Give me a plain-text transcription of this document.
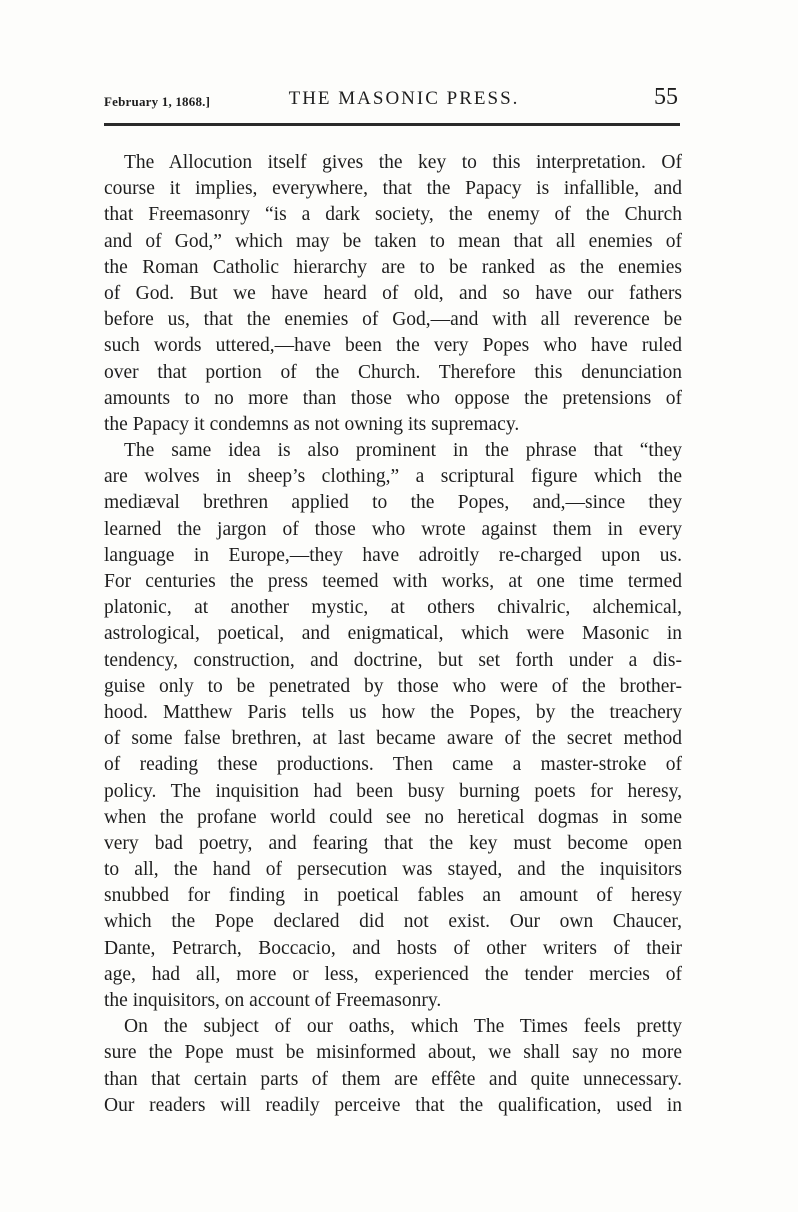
February 1, 1868.]	THE MASONIC PRESS.	55
The Allocution itself gives the key to this interpretation. Of
course it implies, everywhere, that the Papacy is infallible, and
that Freemasonry “is a dark society, the enemy of the Church
and of God,” which may be taken to mean that all enemies of
the Roman Catholic hierarchy are to be ranked as the enemies
of God. But we have heard of old, and so have our fathers
before us, that the enemies of God,—and with all reverence be
such words uttered,—have been the very Popes who have ruled
over that portion of the Church. Therefore this denunciation
amounts to no more than those who oppose the pretensions of
the Papacy it condemns as not owning its supremacy.
The same idea is also prominent in the phrase that “they
are wolves in sheep’s clothing,” a scriptural figure which the
mediæval brethren applied to the Popes, and,—since they
learned the jargon of those who wrote against them in every
language in Europe,—they have adroitly re-charged upon us.
For centuries the press teemed with works, at one time termed
platonic, at another mystic, at others chivalric, alchemical,
astrological, poetical, and enigmatical, which were Masonic in
tendency, construction, and doctrine, but set forth under a dis-
guise only to be penetrated by those who were of the brother-
hood. Matthew Paris tells us how the Popes, by the treachery
of some false brethren, at last became aware of the secret method
of reading these productions. Then came a master-stroke of
policy. The inquisition had been busy burning poets for heresy,
when the profane world could see no heretical dogmas in some
very bad poetry, and fearing that the key must become open
to all, the hand of persecution was stayed, and the inquisitors
snubbed for finding in poetical fables an amount of heresy
which the Pope declared did not exist. Our own Chaucer,
Dante, Petrarch, Boccacio, and hosts of other writers of their
age, had all, more or less, experienced the tender mercies of
the inquisitors, on account of Freemasonry.
On the subject of our oaths, which The Times feels pretty
sure the Pope must be misinformed about, we shall say no more
than that certain parts of them are effête and quite unnecessary.
Our readers will readily perceive that the qualification, used in
